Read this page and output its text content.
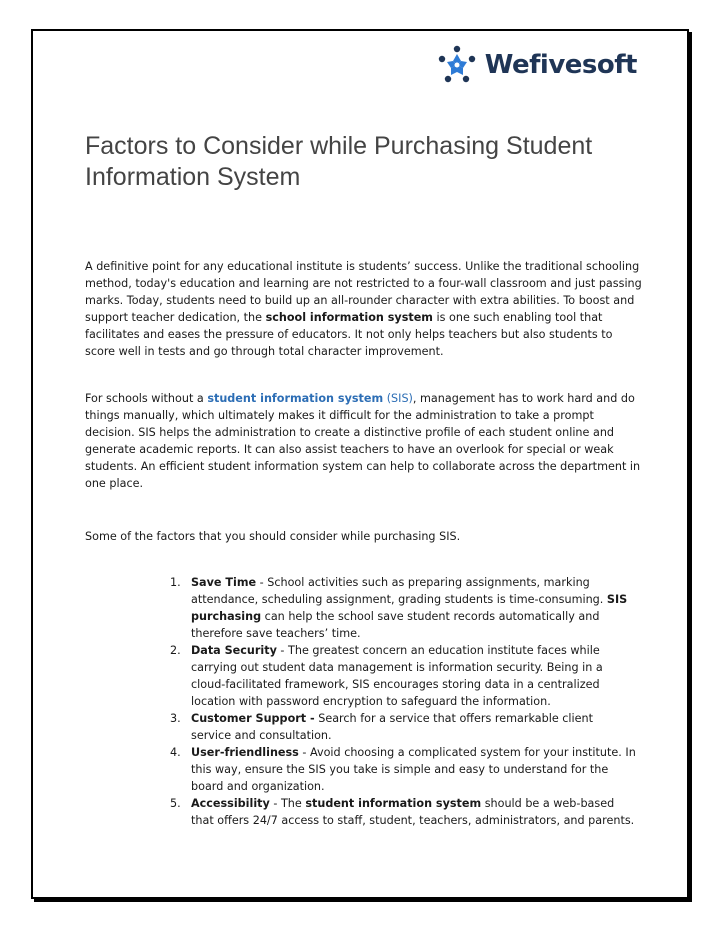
Wefivesoft
Factors to Consider while Purchasing Student Information System

A definitive point for any educational institute is students’ success. Unlike the traditional schooling method, today's education and learning are not restricted to a four-wall classroom and just passing marks. Today, students need to build up an all-rounder character with extra abilities. To boost and support teacher dedication, the school information system is one such enabling tool that facilitates and eases the pressure of educators. It not only helps teachers but also students to score well in tests and go through total character improvement.

For schools without a student information system (SIS), management has to work hard and do things manually, which ultimately makes it difficult for the administration to take a prompt decision. SIS helps the administration to create a distinctive profile of each student online and generate academic reports. It can also assist teachers to have an overlook for special or weak students. An efficient student information system can help to collaborate across the department in one place.

Some of the factors that you should consider while purchasing SIS.

1. Save Time - School activities such as preparing assignments, marking attendance, scheduling assignment, grading students is time-consuming. SIS purchasing can help the school save student records automatically and therefore save teachers’ time.
2. Data Security - The greatest concern an education institute faces while carrying out student data management is information security. Being in a cloud-facilitated framework, SIS encourages storing data in a centralized location with password encryption to safeguard the information.
3. Customer Support - Search for a service that offers remarkable client service and consultation.
4. User-friendliness - Avoid choosing a complicated system for your institute. In this way, ensure the SIS you take is simple and easy to understand for the board and organization.
5. Accessibility - The student information system should be a web-based that offers 24/7 access to staff, student, teachers, administrators, and parents.
